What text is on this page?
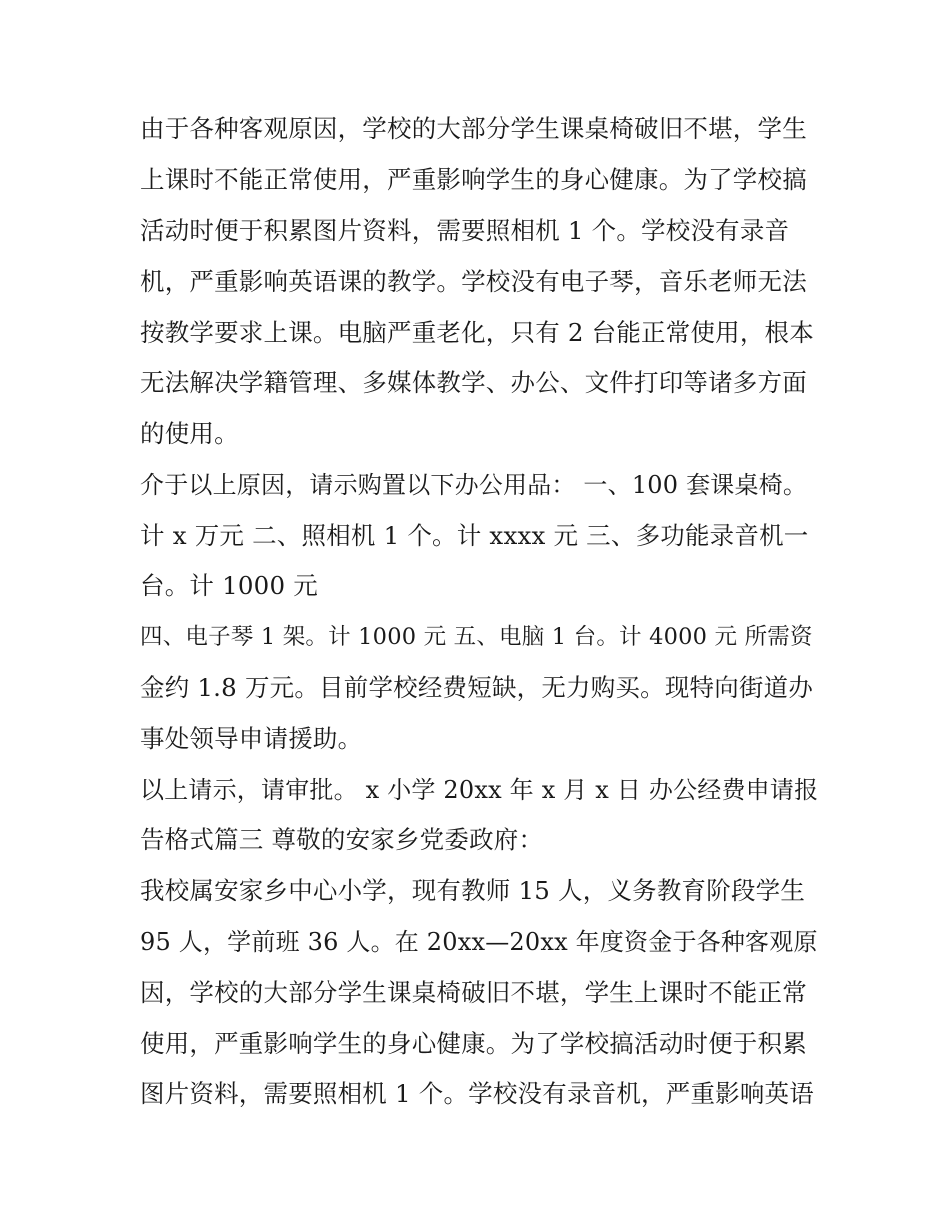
由于各种客观原因，学校的大部分学生课桌椅破旧不堪，学生
上课时不能正常使用，严重影响学生的身心健康。为了学校搞
活动时便于积累图片资料，需要照相机 1 个。学校没有录音
机，严重影响英语课的教学。学校没有电子琴，音乐老师无法
按教学要求上课。电脑严重老化，只有 2 台能正常使用，根本
无法解决学籍管理、多媒体教学、办公、文件打印等诸多方面
的使用。
介于以上原因，请示购置以下办公用品： 一、100 套课桌椅。
计 x 万元 二、照相机 1 个。计 xxxx 元 三、多功能录音机一
台。计 1000 元
四、电子琴 1 架。计 1000 元 五、电脑 1 台。计 4000 元 所需资
金约 1.8 万元。目前学校经费短缺，无力购买。现特向街道办
事处领导申请援助。
以上请示，请审批。 x 小学 20xx 年 x 月 x 日 办公经费申请报
告格式篇三 尊敬的安家乡党委政府：
我校属安家乡中心小学，现有教师 15 人，义务教育阶段学生
95 人，学前班 36 人。在 20xx—20xx 年度资金于各种客观原
因，学校的大部分学生课桌椅破旧不堪，学生上课时不能正常
使用，严重影响学生的身心健康。为了学校搞活动时便于积累
图片资料，需要照相机 1 个。学校没有录音机，严重影响英语
